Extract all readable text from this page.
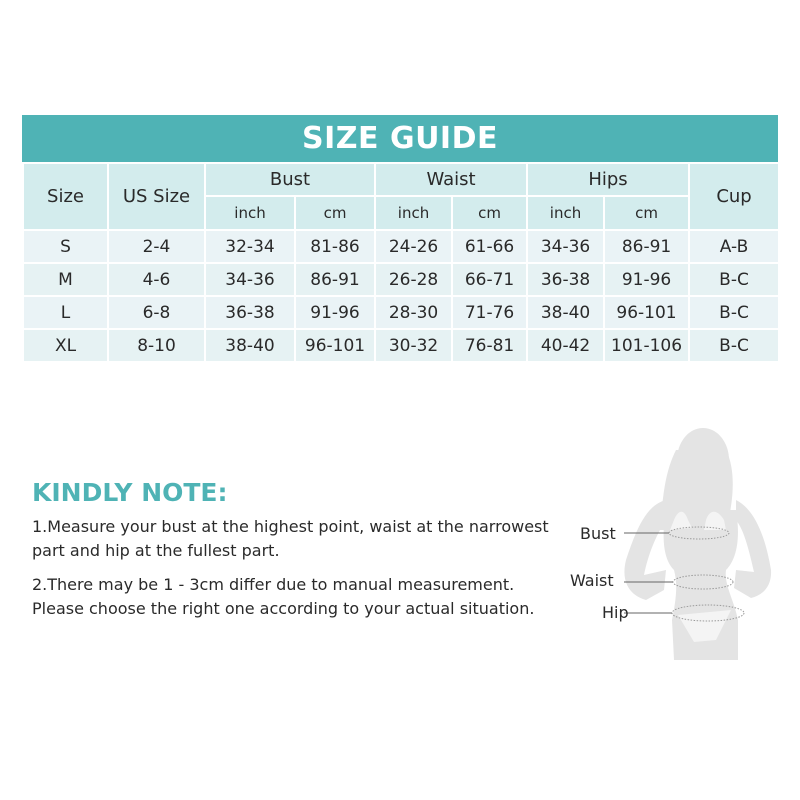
SIZE GUIDE
Size	US Size	Bust		Waist		Hips		Cup
		inch	cm	inch	cm	inch	cm	
S	2-4	32-34	81-86	24-26	61-66	34-36	86-91	A-B
M	4-6	34-36	86-91	26-28	66-71	36-38	91-96	B-C
L	6-8	36-38	91-96	28-30	71-76	38-40	96-101	B-C
XL	8-10	38-40	96-101	30-32	76-81	40-42	101-106	B-C
KINDLY NOTE:

1.Measure your bust at the highest point, waist at the narrowest part and hip at the fullest part.

2.There may be 1 - 3cm differ due to manual measurement. Please choose the right one according to your actual situation.

Bust
Waist
Hip
